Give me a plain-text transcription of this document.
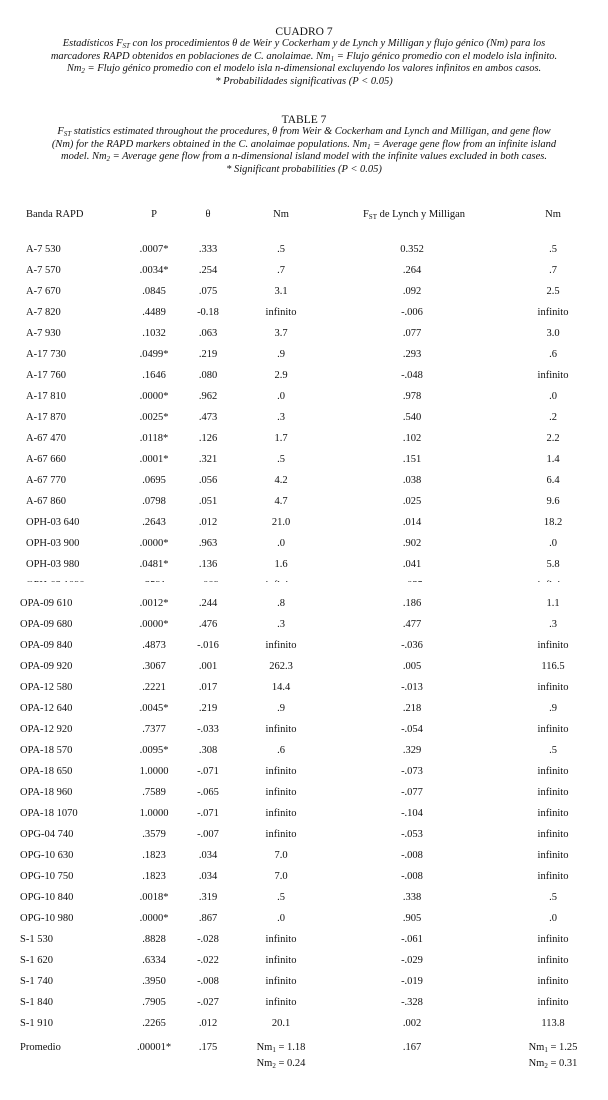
CUADRO 7
Estadísticos $F_{ST}$ con los procedimientos θ de Weir y Cockerham y de Lynch y Milligan y flujo génico (Nm) para los
marcadores RAPD obtenidos en poblaciones de C. anolaimae. $Nm_1$ = Flujo génico promedio con el modelo isla infinito.
$Nm_2$ = Flujo génico promedio con el modelo isla n-dimensional excluyendo los valores infinitos en ambos casos.
* Probabilidades significativas (P < 0.05)
TABLE 7
$F_{ST}$ statistics estimated throughout the procedures, θ from Weir & Cockerham and Lynch and Milligan, and gene flow
(Nm) for the RAPD markers obtained in the C. anolaimae populations. $Nm_1$ = Average gene flow from an infinite island
model. $Nm_2$ = Average gene flow from a n-dimensional island model with the infinite values excluded in both cases.
* Significant probabilities (P < 0.05)
Banda RAPD	P	θ	Nm	$F_{ST}$ de Lynch y Milligan	Nm
A-7 530	.0007*	.333	.5	0.352	.5
A-7 570	.0034*	.254	.7	.264	.7
A-7 670	.0845	.075	3.1	.092	2.5
A-7 820	.4489	-0.18	infinito	-.006	infinito
A-7 930	.1032	.063	3.7	.077	3.0
A-17 730	.0499*	.219	.9	.293	.6
A-17 760	.1646	.080	2.9	-.048	infinito
A-17 810	.0000*	.962	.0	.978	.0
A-17 870	.0025*	.473	.3	.540	.2
A-67 470	.0118*	.126	1.7	.102	2.2
A-67 660	.0001*	.321	.5	.151	1.4
A-67 770	.0695	.056	4.2	.038	6.4
A-67 860	.0798	.051	4.7	.025	9.6
OPH-03 640	.2643	.012	21.0	.014	18.2
OPH-03 900	.0000*	.963	.0	.902	.0
OPH-03 980	.0481*	.136	1.6	.041	5.8
OPA-09 610	.0012*	.244	.8	.186	1.1
OPA-09 680	.0000*	.476	.3	.477	.3
OPA-09 840	.4873	-.016	infinito	-.036	infinito
OPA-09 920	.3067	.001	262.3	.005	116.5
OPA-12 580	.2221	.017	14.4	-.013	infinito
OPA-12 640	.0045*	.219	.9	.218	.9
OPA-12 920	.7377	-.033	infinito	-.054	infinito
OPA-18 570	.0095*	.308	.6	.329	.5
OPA-18 650	1.0000	-.071	infinito	-.073	infinito
OPA-18 960	.7589	-.065	infinito	-.077	infinito
OPA-18 1070	1.0000	-.071	infinito	-.104	infinito
OPG-04 740	.3579	-.007	infinito	-.053	infinito
OPG-10 630	.1823	.034	7.0	-.008	infinito
OPG-10 750	.1823	.034	7.0	-.008	infinito
OPG-10 840	.0018*	.319	.5	.338	.5
OPG-10 980	.0000*	.867	.0	.905	.0
S-1 530	.8828	-.028	infinito	-.061	infinito
S-1 620	.6334	-.022	infinito	-.029	infinito
S-1 740	.3950	-.008	infinito	-.019	infinito
S-1 840	.7905	-.027	infinito	-.328	infinito
S-1 910	.2265	.012	20.1	.002	113.8
Promedio	.00001*	.175	$Nm_1 = 1.18$	.167	$Nm_1 = 1.25$
$Nm_2 = 0.24$	$Nm_2 = 0.31$
